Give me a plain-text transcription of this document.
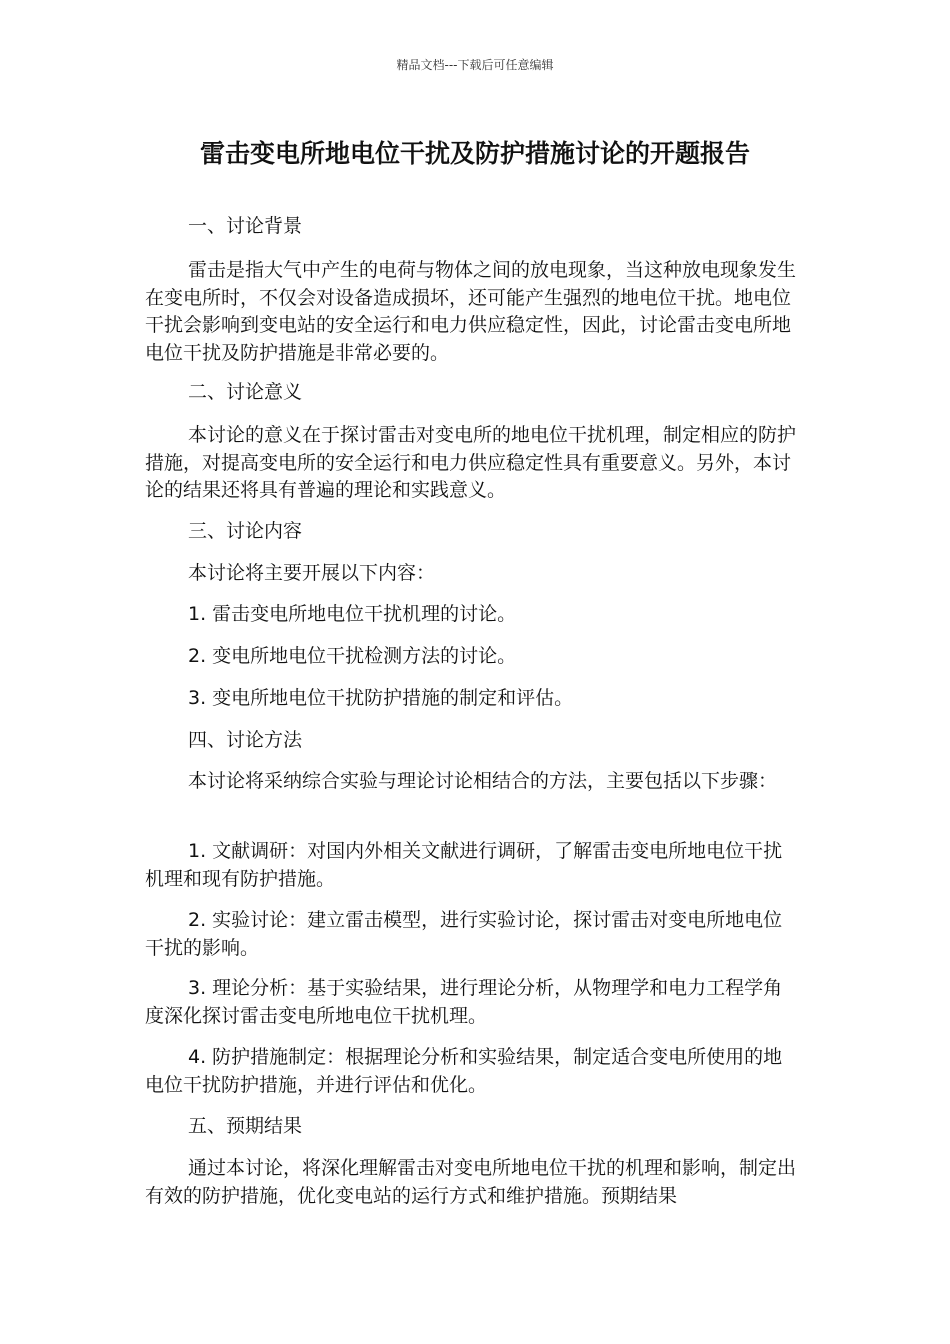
精品文档---下载后可任意编辑
雷击变电所地电位干扰及防护措施讨论的开题报告

一、讨论背景

雷击是指大气中产生的电荷与物体之间的放电现象，当这种放电现象发生在变电所时，不仅会对设备造成损坏，还可能产生强烈的地电位干扰。地电位干扰会影响到变电站的安全运行和电力供应稳定性，因此，讨论雷击变电所地电位干扰及防护措施是非常必要的。

二、讨论意义

本讨论的意义在于探讨雷击对变电所的地电位干扰机理，制定相应的防护措施，对提高变电所的安全运行和电力供应稳定性具有重要意义。另外，本讨论的结果还将具有普遍的理论和实践意义。

三、讨论内容

本讨论将主要开展以下内容：

1. 雷击变电所地电位干扰机理的讨论。

2. 变电所地电位干扰检测方法的讨论。

3. 变电所地电位干扰防护措施的制定和评估。

四、讨论方法

本讨论将采纳综合实验与理论讨论相结合的方法，主要包括以下步骤：

1. 文献调研：对国内外相关文献进行调研，了解雷击变电所地电位干扰机理和现有防护措施。

2. 实验讨论：建立雷击模型，进行实验讨论，探讨雷击对变电所地电位干扰的影响。

3. 理论分析：基于实验结果，进行理论分析，从物理学和电力工程学角度深化探讨雷击变电所地电位干扰机理。

4. 防护措施制定：根据理论分析和实验结果，制定适合变电所使用的地电位干扰防护措施，并进行评估和优化。

五、预期结果

通过本讨论，将深化理解雷击对变电所地电位干扰的机理和影响，制定出有效的防护措施，优化变电站的运行方式和维护措施。预期结果
